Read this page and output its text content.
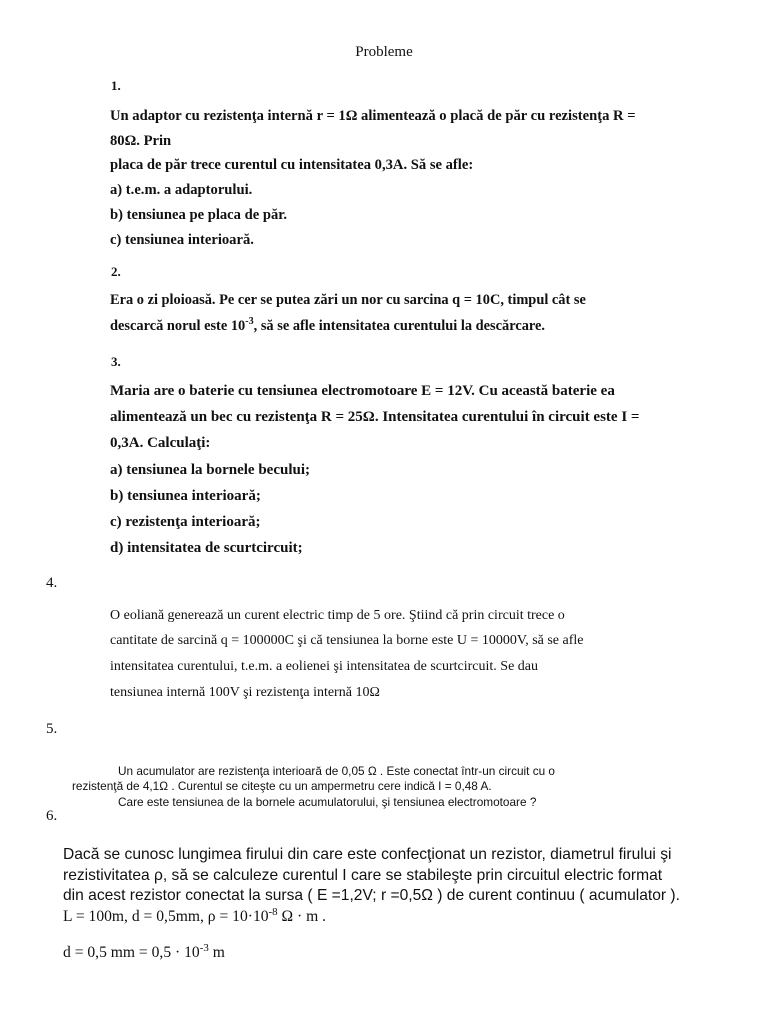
Probleme
1.
Un adaptor cu rezistenţa internă r = 1Ω alimentează o placă de păr cu rezistenţa R =
80Ω. Prin
placa de păr trece curentul cu intensitatea 0,3A. Să se afle:
a) t.e.m. a adaptorului.
b) tensiunea pe placa de păr.
c) tensiunea interioară.
2.
Era o zi ploioasă. Pe cer se putea zări un nor cu sarcina q = 10C, timpul cât se
descarcă norul este $10^{-3}$, să se afle intensitatea curentului la descărcare.
3.
Maria are o baterie cu tensiunea electromotoare E = 12V. Cu această baterie ea
alimentează un bec cu rezistenţa R = 25Ω. Intensitatea curentului în circuit este I =
0,3A. Calculaţi:
a) tensiunea la bornele becului;
b) tensiunea interioară;
c) rezistenţa interioară;
d) intensitatea de scurtcircuit;
4.
O eoliană generează un curent electric timp de 5 ore. Ştiind că prin circuit trece o
cantitate de sarcină q = 100000C şi că tensiunea la borne este U = 10000V, să se afle
intensitatea curentului, t.e.m. a eolienei şi intensitatea de scurtcircuit. Se dau
tensiunea internă 100V şi rezistenţa internă 10Ω
5.
Un acumulator are rezistenţa interioară de 0,05 Ω . Este conectat într-un circuit cu o
rezistenţă de 4,1Ω . Curentul se citeşte cu un ampermetru cere indică I = 0,48 A.
Care este tensiunea de la bornele acumulatorului, şi tensiunea electromotoare ?
6.
Dacă se cunosc lungimea firului din care este confecţionat un rezistor, diametrul firului şi
rezistivitatea ρ, să se calculeze curentul I care se stabileşte prin circuitul electric format
din acest rezistor conectat la sursa ( E =1,2V; r =0,5Ω ) de curent continuu ( acumulator ).
L = 100m, d = 0,5mm, $\rho = 10\cdot 10^{-8}$ Ω · m .
d = 0,5 mm = $0,5 \cdot 10^{-3}$ m
